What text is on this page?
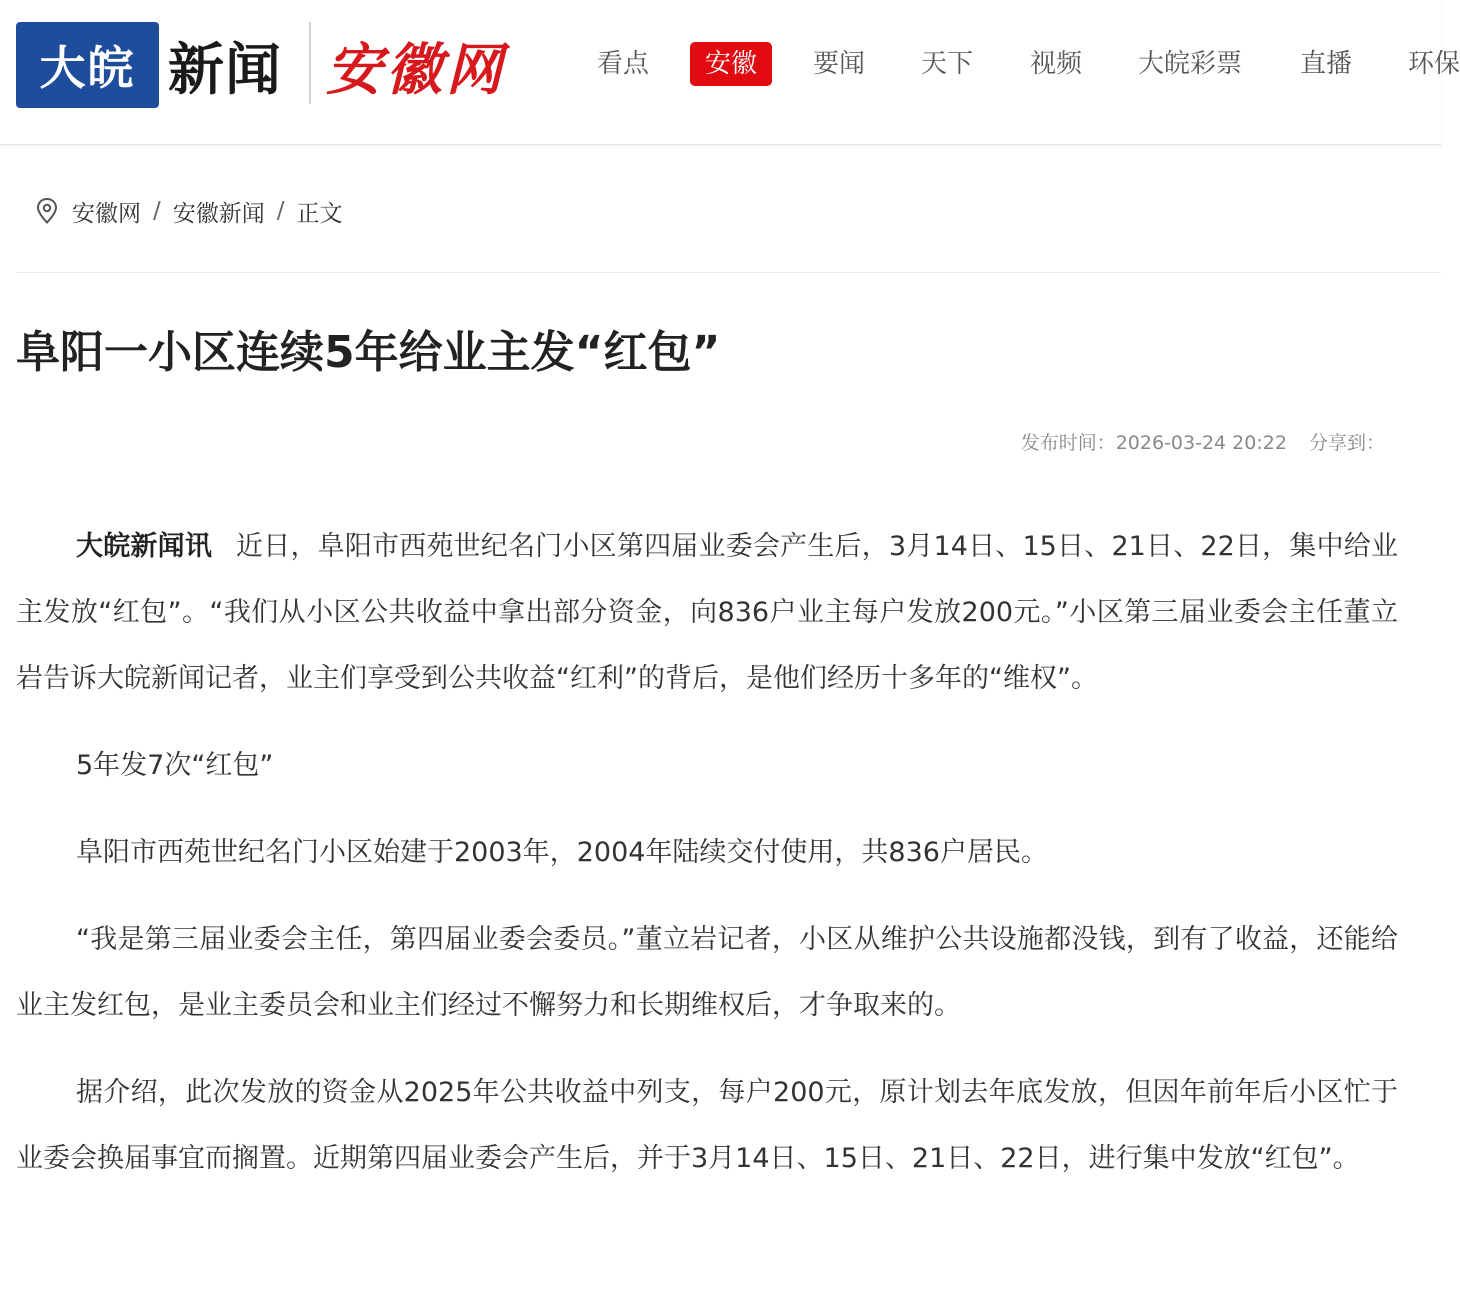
大皖 新闻 安徽网	看点	安徽	要闻 天下 视频 大皖彩票 直播 环保
安徽网 / 安徽新闻 / 正文
阜阳一小区连续5年给业主发“红包”
发布时间：2026-03-24 20:22 分享到：

大皖新闻讯 近日，阜阳市西苑世纪名门小区第四届业委会产生后，3月14日、15日、21日、22日，集中给业主发放“红包”。“我们从小区公共收益中拿出部分资金，向836户业主每户发放200元。”小区第三届业委会主任董立岩告诉大皖新闻记者，业主们享受到公共收益“红利”的背后，是他们经历十多年的“维权”。

5年发7次“红包”

阜阳市西苑世纪名门小区始建于2003年，2004年陆续交付使用，共836户居民。

“我是第三届业委会主任，第四届业委会委员。”董立岩记者，小区从维护公共设施都没钱，到有了收益，还能给业主发红包，是业主委员会和业主们经过不懈努力和长期维权后，才争取来的。

据介绍，此次发放的资金从2025年公共收益中列支，每户200元，原计划去年底发放，但因年前年后小区忙于业委会换届事宜而搁置。近期第四届业委会产生后，并于3月14日、15日、21日、22日，进行集中发放“红包”。
